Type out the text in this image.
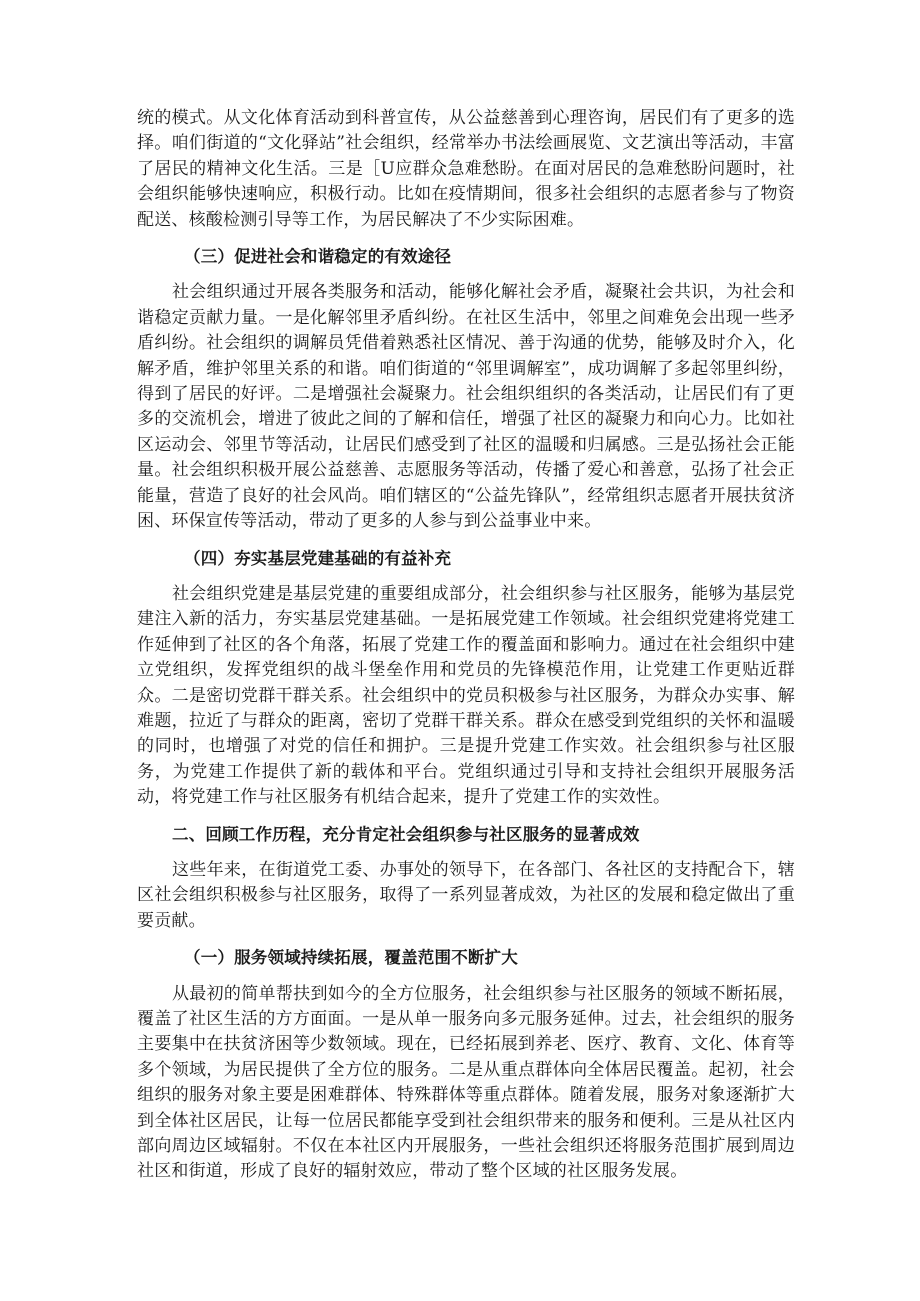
统的模式。从文化体育活动到科普宣传，从公益慈善到心理咨询，居民们有了更多的选择。咱们街道的“文化驿站”社会组织，经常举办书法绘画展览、文艺演出等活动，丰富了居民的精神文化生活。三是［U应群众急难愁盼。在面对居民的急难愁盼问题时，社会组织能够快速响应，积极行动。比如在疫情期间，很多社会组织的志愿者参与了物资配送、核酸检测引导等工作，为居民解决了不少实际困难。

（三）促进社会和谐稳定的有效途径

社会组织通过开展各类服务和活动，能够化解社会矛盾，凝聚社会共识，为社会和谐稳定贡献力量。一是化解邻里矛盾纠纷。在社区生活中，邻里之间难免会出现一些矛盾纠纷。社会组织的调解员凭借着熟悉社区情况、善于沟通的优势，能够及时介入，化解矛盾，维护邻里关系的和谐。咱们街道的“邻里调解室”，成功调解了多起邻里纠纷，得到了居民的好评。二是增强社会凝聚力。社会组织组织的各类活动，让居民们有了更多的交流机会，增进了彼此之间的了解和信任，增强了社区的凝聚力和向心力。比如社区运动会、邻里节等活动，让居民们感受到了社区的温暖和归属感。三是弘扬社会正能量。社会组织积极开展公益慈善、志愿服务等活动，传播了爱心和善意，弘扬了社会正能量，营造了良好的社会风尚。咱们辖区的“公益先锋队”，经常组织志愿者开展扶贫济困、环保宣传等活动，带动了更多的人参与到公益事业中来。

（四）夯实基层党建基础的有益补充

社会组织党建是基层党建的重要组成部分，社会组织参与社区服务，能够为基层党建注入新的活力，夯实基层党建基础。一是拓展党建工作领域。社会组织党建将党建工作延伸到了社区的各个角落，拓展了党建工作的覆盖面和影响力。通过在社会组织中建立党组织，发挥党组织的战斗堡垒作用和党员的先锋模范作用，让党建工作更贴近群众。二是密切党群干群关系。社会组织中的党员积极参与社区服务，为群众办实事、解难题，拉近了与群众的距离，密切了党群干群关系。群众在感受到党组织的关怀和温暖的同时，也增强了对党的信任和拥护。三是提升党建工作实效。社会组织参与社区服务，为党建工作提供了新的载体和平台。党组织通过引导和支持社会组织开展服务活动，将党建工作与社区服务有机结合起来，提升了党建工作的实效性。

二、回顾工作历程，充分肯定社会组织参与社区服务的显著成效

这些年来，在街道党工委、办事处的领导下，在各部门、各社区的支持配合下，辖区社会组织积极参与社区服务，取得了一系列显著成效，为社区的发展和稳定做出了重要贡献。

（一）服务领域持续拓展，覆盖范围不断扩大

从最初的简单帮扶到如今的全方位服务，社会组织参与社区服务的领域不断拓展，覆盖了社区生活的方方面面。一是从单一服务向多元服务延伸。过去，社会组织的服务主要集中在扶贫济困等少数领域。现在，已经拓展到养老、医疗、教育、文化、体育等多个领域，为居民提供了全方位的服务。二是从重点群体向全体居民覆盖。起初，社会组织的服务对象主要是困难群体、特殊群体等重点群体。随着发展，服务对象逐渐扩大到全体社区居民，让每一位居民都能享受到社会组织带来的服务和便利。三是从社区内部向周边区域辐射。不仅在本社区内开展服务，一些社会组织还将服务范围扩展到周边社区和街道，形成了良好的辐射效应，带动了整个区域的社区服务发展。
